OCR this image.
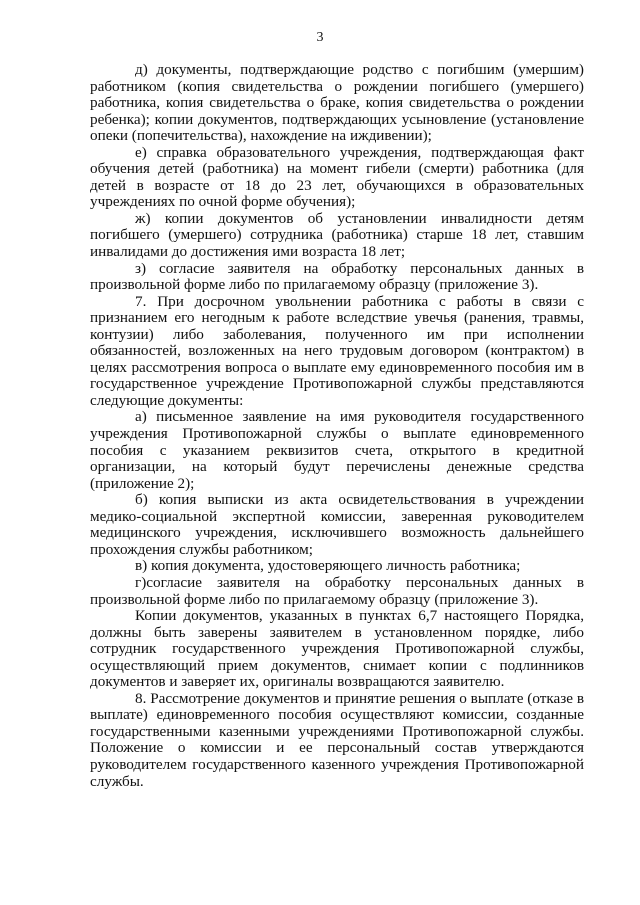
3

д) документы, подтверждающие родство с погибшим (умершим) работником (копия свидетельства о рождении погибшего (умершего) работника, копия свидетельства о браке, копия свидетельства о рождении ребенка); копии документов, подтверждающих усыновление (установление опеки (попечительства), нахождение на иждивении);

е) справка образовательного учреждения, подтверждающая факт обучения детей (работника) на момент гибели (смерти) работника (для детей в возрасте от 18 до 23 лет, обучающихся в образовательных учреждениях по очной форме обучения);

ж) копии документов об установлении инвалидности детям погибшего (умершего) сотрудника (работника) старше 18 лет, ставшим инвалидами до достижения ими возраста 18 лет;

з) согласие заявителя на обработку персональных данных в произвольной форме либо по прилагаемому образцу (приложение 3).

7. При досрочном увольнении работника с работы в связи с признанием его негодным к работе вследствие увечья (ранения, травмы, контузии) либо заболевания, полученного им при исполнении обязанностей, возложенных на него трудовым договором (контрактом) в целях рассмотрения вопроса о выплате ему единовременного пособия им в государственное учреждение Противопожарной службы представляются следующие документы:

а) письменное заявление на имя руководителя государственного учреждения Противопожарной службы о выплате единовременного пособия с указанием реквизитов счета, открытого в кредитной организации, на который будут перечислены денежные средства (приложение 2);

б) копия выписки из акта освидетельствования в учреждении медико-социальной экспертной комиссии, заверенная руководителем медицинского учреждения, исключившего возможность дальнейшего прохождения службы работником;

в) копия документа, удостоверяющего личность работника;

г)согласие заявителя на обработку персональных данных в произвольной форме либо по прилагаемому образцу (приложение 3).

Копии документов, указанных в пунктах 6,7 настоящего Порядка, должны быть заверены заявителем в установленном порядке, либо сотрудник государственного учреждения Противопожарной службы, осуществляющий прием документов, снимает копии с подлинников документов и заверяет их, оригиналы возвращаются заявителю.

8. Рассмотрение документов и принятие решения о выплате (отказе в выплате) единовременного пособия осуществляют комиссии, созданные государственными казенными учреждениями Противопожарной службы. Положение о комиссии и ее персональный состав утверждаются руководителем государственного казенного учреждения Противопожарной службы.
